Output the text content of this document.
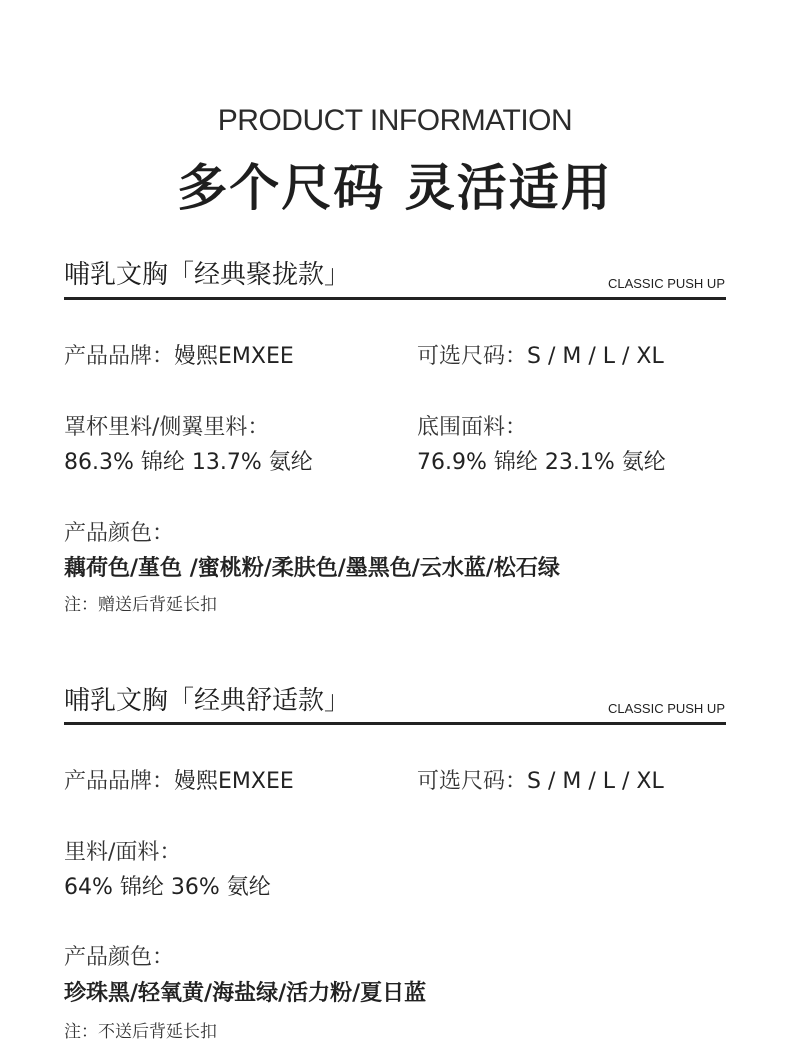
PRODUCT INFORMATION
多个尺码 灵活适用
哺乳文胸「经典聚拢款」	CLASSIC PUSH UP
产品品牌：嫚熙EMXEE	可选尺码：S / M / L / XL
罩杯里料/侧翼里料：
86.3% 锦纶 13.7% 氨纶
底围面料：
76.9% 锦纶 23.1% 氨纶
产品颜色：
藕荷色/堇色 /蜜桃粉/柔肤色/墨黑色/云水蓝/松石绿
注：赠送后背延长扣
哺乳文胸「经典舒适款」	CLASSIC PUSH UP
产品品牌：嫚熙EMXEE	可选尺码：S / M / L / XL
里料/面料：
64% 锦纶 36% 氨纶
产品颜色：
珍珠黑/轻氧黄/海盐绿/活力粉/夏日蓝
注：不送后背延长扣
